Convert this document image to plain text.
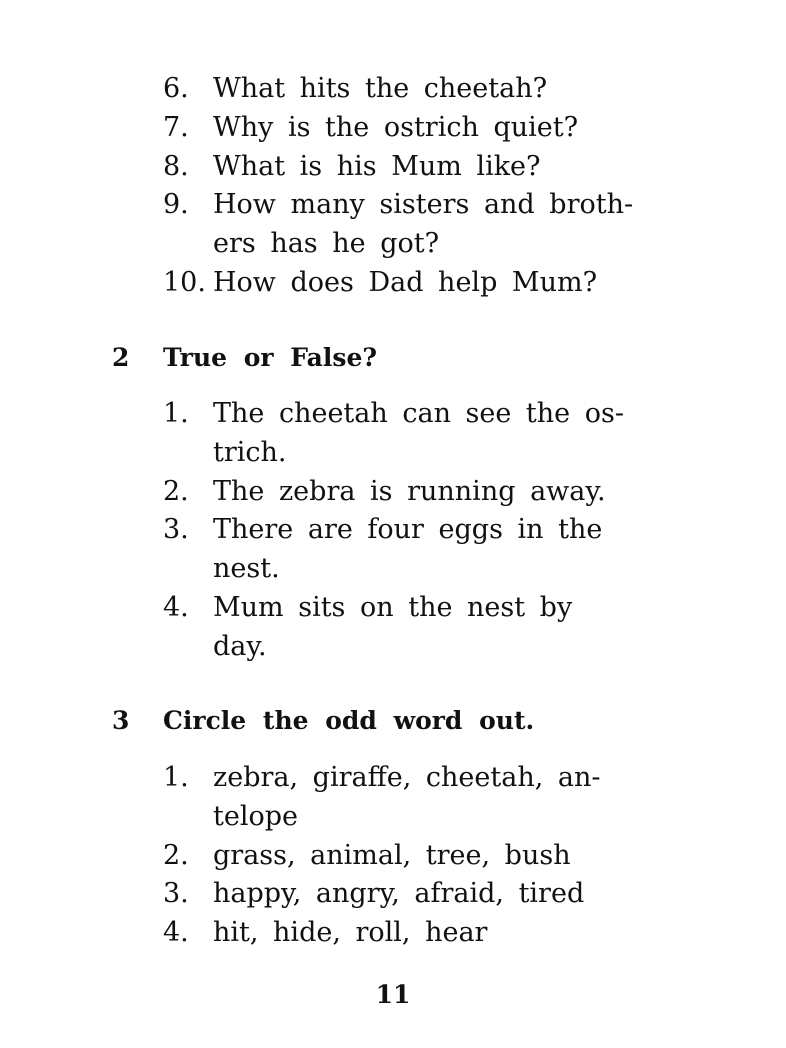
6. What hits the cheetah?
7. Why is the ostrich quiet?
8. What is his Mum like?
9. How many sisters and broth-
ers has he got?
10. How does Dad help Mum?
2 True or False?
1. The cheetah can see the os-
trich.
2. The zebra is running away.
3. There are four eggs in the
nest.
4. Mum sits on the nest by
day.
3 Circle the odd word out.
1. zebra, giraffe, cheetah, an-
telope
2. grass, animal, tree, bush
3. happy, angry, afraid, tired
4. hit, hide, roll, hear
11
